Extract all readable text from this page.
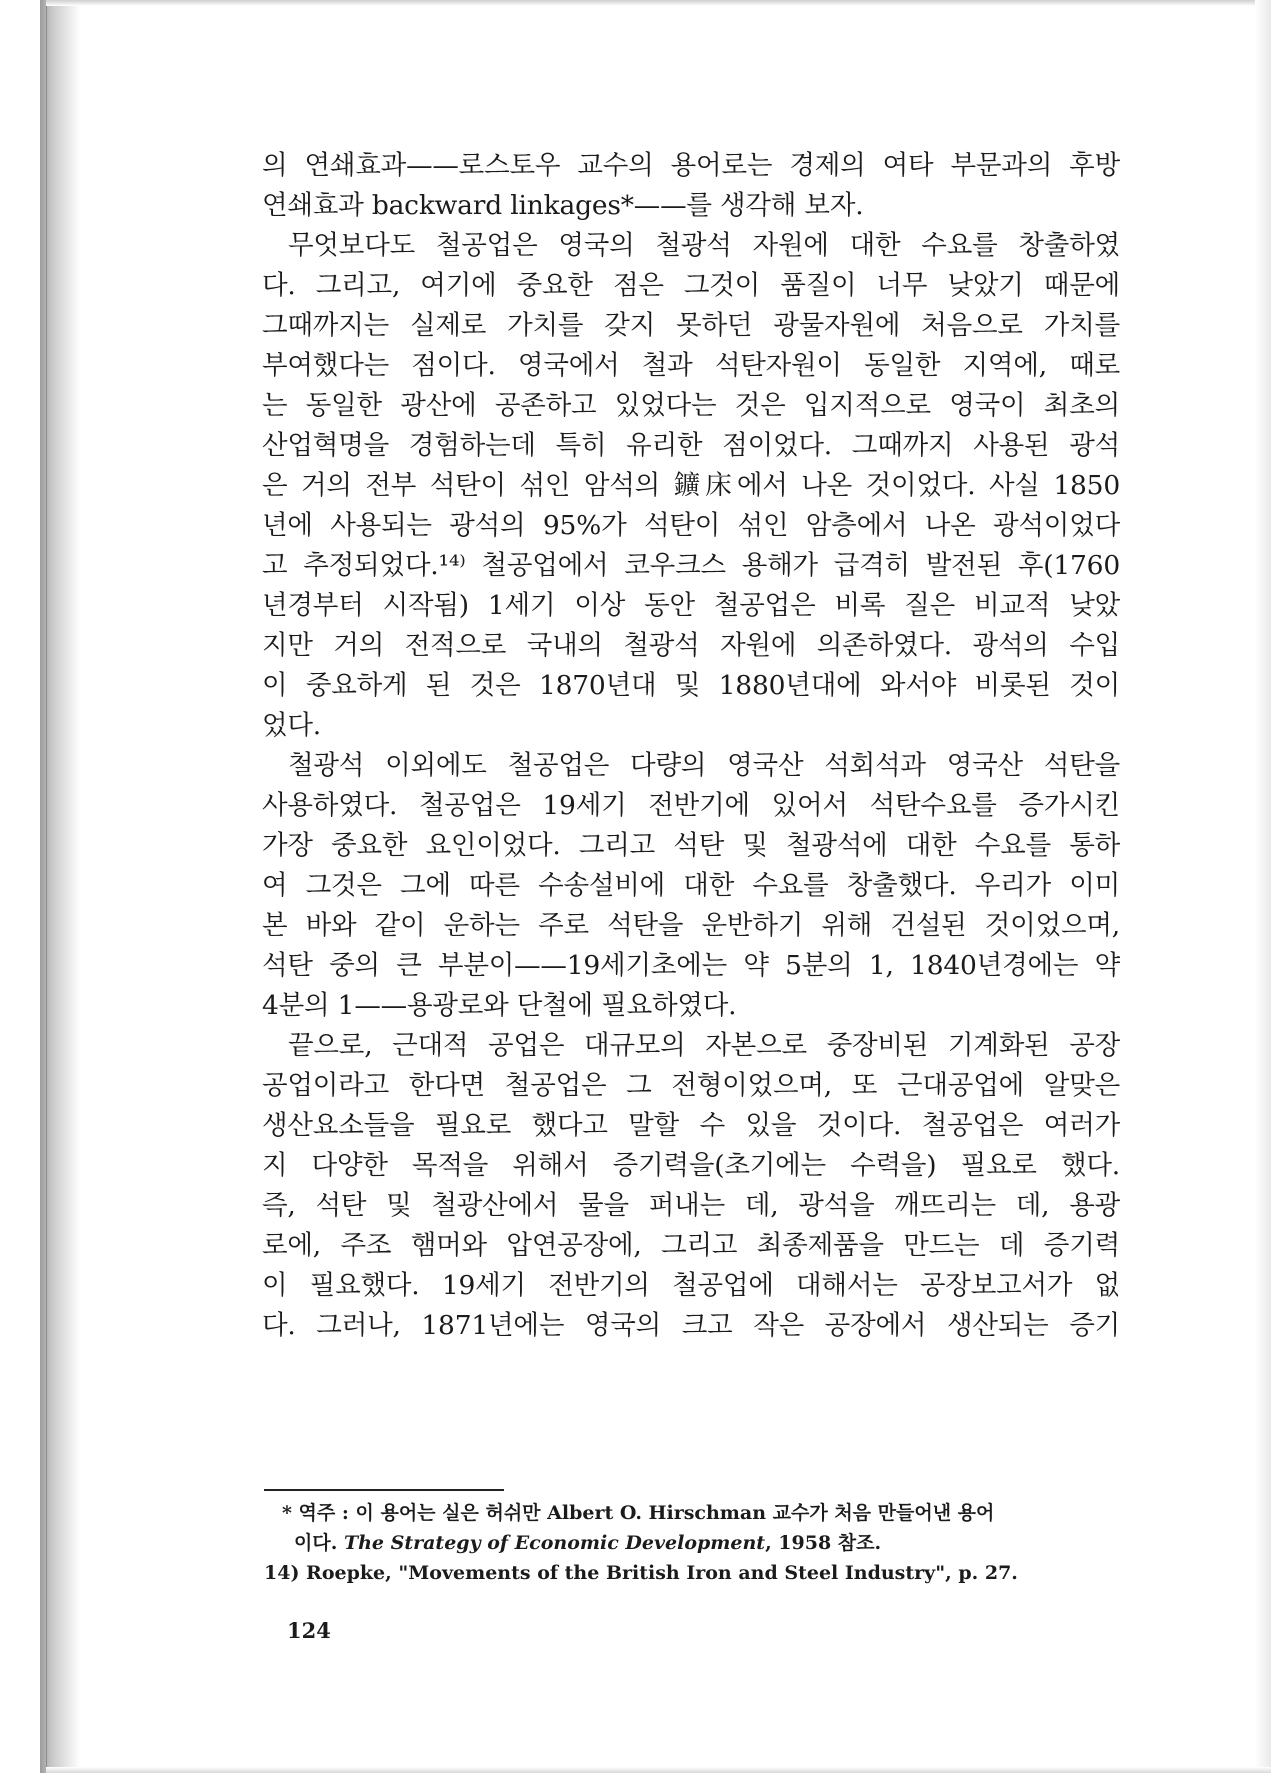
의 연쇄효과——로스토우 교수의 용어로는 경제의 여타 부문과의 후방
연쇄효과 backward linkages*——를 생각해 보자.
무엇보다도 철공업은 영국의 철광석 자원에 대한 수요를 창출하였
다. 그리고, 여기에 중요한 점은 그것이 품질이 너무 낮았기 때문에
그때까지는 실제로 가치를 갖지 못하던 광물자원에 처음으로 가치를
부여했다는 점이다. 영국에서 철과 석탄자원이 동일한 지역에, 때로
는 동일한 광산에 공존하고 있었다는 것은 입지적으로 영국이 최초의
산업혁명을 경험하는데 특히 유리한 점이었다. 그때까지 사용된 광석
은 거의 전부 석탄이 섞인 암석의 鑛床에서 나온 것이었다. 사실 1850
년에 사용되는 광석의 95%가 석탄이 섞인 암층에서 나온 광석이었다
고 추정되었다.¹⁴⁾ 철공업에서 코우크스 용해가 급격히 발전된 후(1760
년경부터 시작됨) 1세기 이상 동안 철공업은 비록 질은 비교적 낮았
지만 거의 전적으로 국내의 철광석 자원에 의존하였다. 광석의 수입
이 중요하게 된 것은 1870년대 및 1880년대에 와서야 비롯된 것이
었다.
철광석 이외에도 철공업은 다량의 영국산 석회석과 영국산 석탄을
사용하였다. 철공업은 19세기 전반기에 있어서 석탄수요를 증가시킨
가장 중요한 요인이었다. 그리고 석탄 및 철광석에 대한 수요를 통하
여 그것은 그에 따른 수송설비에 대한 수요를 창출했다. 우리가 이미
본 바와 같이 운하는 주로 석탄을 운반하기 위해 건설된 것이었으며,
석탄 중의 큰 부분이——19세기초에는 약 5분의 1, 1840년경에는 약
4분의 1——용광로와 단철에 필요하였다.
끝으로, 근대적 공업은 대규모의 자본으로 중장비된 기계화된 공장
공업이라고 한다면 철공업은 그 전형이었으며, 또 근대공업에 알맞은
생산요소들을 필요로 했다고 말할 수 있을 것이다. 철공업은 여러가
지 다양한 목적을 위해서 증기력을(초기에는 수력을) 필요로 했다.
즉, 석탄 및 철광산에서 물을 퍼내는 데, 광석을 깨뜨리는 데, 용광
로에, 주조 햄머와 압연공장에, 그리고 최종제품을 만드는 데 증기력
이 필요했다. 19세기 전반기의 철공업에 대해서는 공장보고서가 없
다. 그러나, 1871년에는 영국의 크고 작은 공장에서 생산되는 증기
* 역주 : 이 용어는 실은 허쉬만 Albert O. Hirschman 교수가 처음 만들어낸 용어
이다. The Strategy of Economic Development, 1958 참조.
14) Roepke, "Movements of the British Iron and Steel Industry", p. 27.
124
